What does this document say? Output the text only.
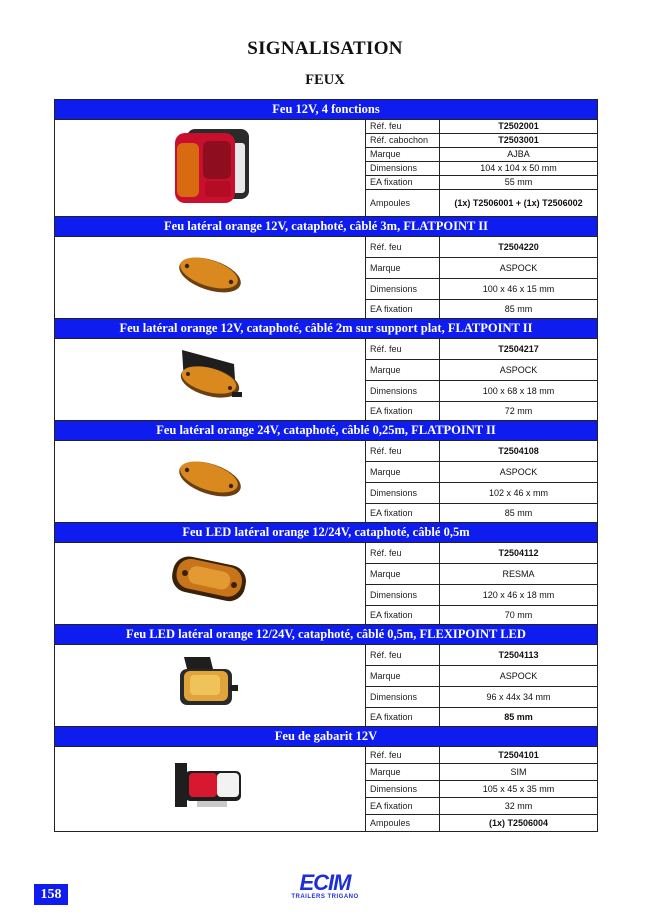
SIGNALISATION
FEUX
Feu 12V, 4 fonctions
Réf. feu	T2502001
Réf. cabochon	T2503001
Marque	AJBA
Dimensions	104 x 104 x 50 mm
EA fixation	55 mm
Ampoules	(1x) T2506001 + (1x) T2506002
Feu latéral orange 12V, cataphoté, câblé 3m, FLATPOINT II
Réf. feu	T2504220
Marque	ASPOCK
Dimensions	100 x 46 x 15 mm
EA fixation	85 mm
Feu latéral orange 12V, cataphoté, câblé 2m sur support plat, FLATPOINT II
Réf. feu	T2504217
Marque	ASPOCK
Dimensions	100 x 68 x 18 mm
EA fixation	72 mm
Feu latéral orange 24V, cataphoté, câblé 0,25m, FLATPOINT II
Réf. feu	T2504108
Marque	ASPOCK
Dimensions	102 x 46 x mm
EA fixation	85 mm
Feu LED latéral orange 12/24V, cataphoté, câblé 0,5m
Réf. feu	T2504112
Marque	RESMA
Dimensions	120 x 46 x 18 mm
EA fixation	70 mm
Feu LED latéral orange 12/24V, cataphoté, câblé 0,5m, FLEXIPOINT LED
Réf. feu	T2504113
Marque	ASPOCK
Dimensions	96 x 44x 34 mm
EA fixation	85 mm
Feu de gabarit 12V
Réf. feu	T2504101
Marque	SIM
Dimensions	105 x 45 x 35 mm
EA fixation	32 mm
Ampoules	(1x) T2506004
158	ECIM
TRAILERS TRIGANO
